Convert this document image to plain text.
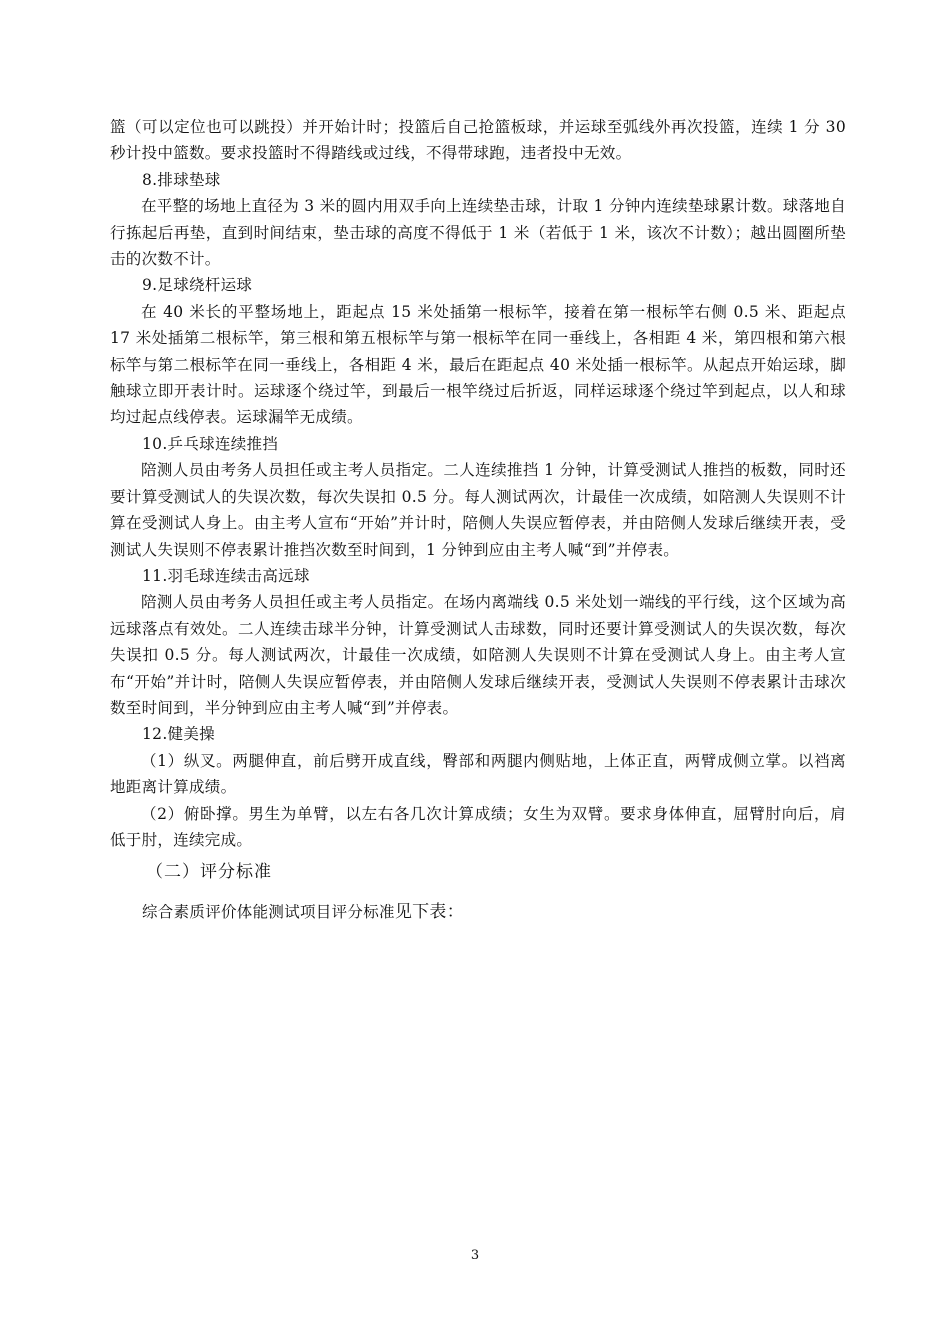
篮（可以定位也可以跳投）并开始计时；投篮后自己抢篮板球，并运球至弧线外再次投篮，连续 1 分 30 秒计投中篮数。要求投篮时不得踏线或过线，不得带球跑，违者投中无效。

8.排球垫球

在平整的场地上直径为 3 米的圆内用双手向上连续垫击球，计取 1 分钟内连续垫球累计数。球落地自行拣起后再垫，直到时间结束，垫击球的高度不得低于 1 米（若低于 1 米，该次不计数）；越出圆圈所垫击的次数不计。

9.足球绕杆运球

在 40 米长的平整场地上，距起点 15 米处插第一根标竿，接着在第一根标竿右侧 0.5 米、距起点 17 米处插第二根标竿，第三根和第五根标竿与第一根标竿在同一垂线上，各相距 4 米，第四根和第六根标竿与第二根标竿在同一垂线上，各相距 4 米，最后在距起点 40 米处插一根标竿。从起点开始运球，脚触球立即开表计时。运球逐个绕过竿，到最后一根竿绕过后折返，同样运球逐个绕过竿到起点，以人和球均过起点线停表。运球漏竿无成绩。

10.乒乓球连续推挡

陪测人员由考务人员担任或主考人员指定。二人连续推挡 1 分钟，计算受测试人推挡的板数，同时还要计算受测试人的失误次数，每次失误扣 0.5 分。每人测试两次，计最佳一次成绩，如陪测人失误则不计算在受测试人身上。由主考人宣布“开始”并计时，陪侧人失误应暂停表，并由陪侧人发球后继续开表，受测试人失误则不停表累计推挡次数至时间到，1 分钟到应由主考人喊“到”并停表。

11.羽毛球连续击高远球

陪测人员由考务人员担任或主考人员指定。在场内离端线 0.5 米处划一端线的平行线，这个区域为高远球落点有效处。二人连续击球半分钟，计算受测试人击球数，同时还要计算受测试人的失误次数，每次失误扣 0.5 分。每人测试两次，计最佳一次成绩，如陪测人失误则不计算在受测试人身上。由主考人宣布“开始”并计时，陪侧人失误应暂停表，并由陪侧人发球后继续开表，受测试人失误则不停表累计击球次数至时间到，半分钟到应由主考人喊“到”并停表。

12.健美操

（1）纵叉。两腿伸直，前后劈开成直线，臀部和两腿内侧贴地，上体正直，两臂成侧立掌。以裆离地距离计算成绩。

（2）俯卧撑。男生为单臂，以左右各几次计算成绩；女生为双臂。要求身体伸直，屈臂肘向后，肩低于肘，连续完成。

（二）评分标准

综合素质评价体能测试项目评分标准见下表：

3
